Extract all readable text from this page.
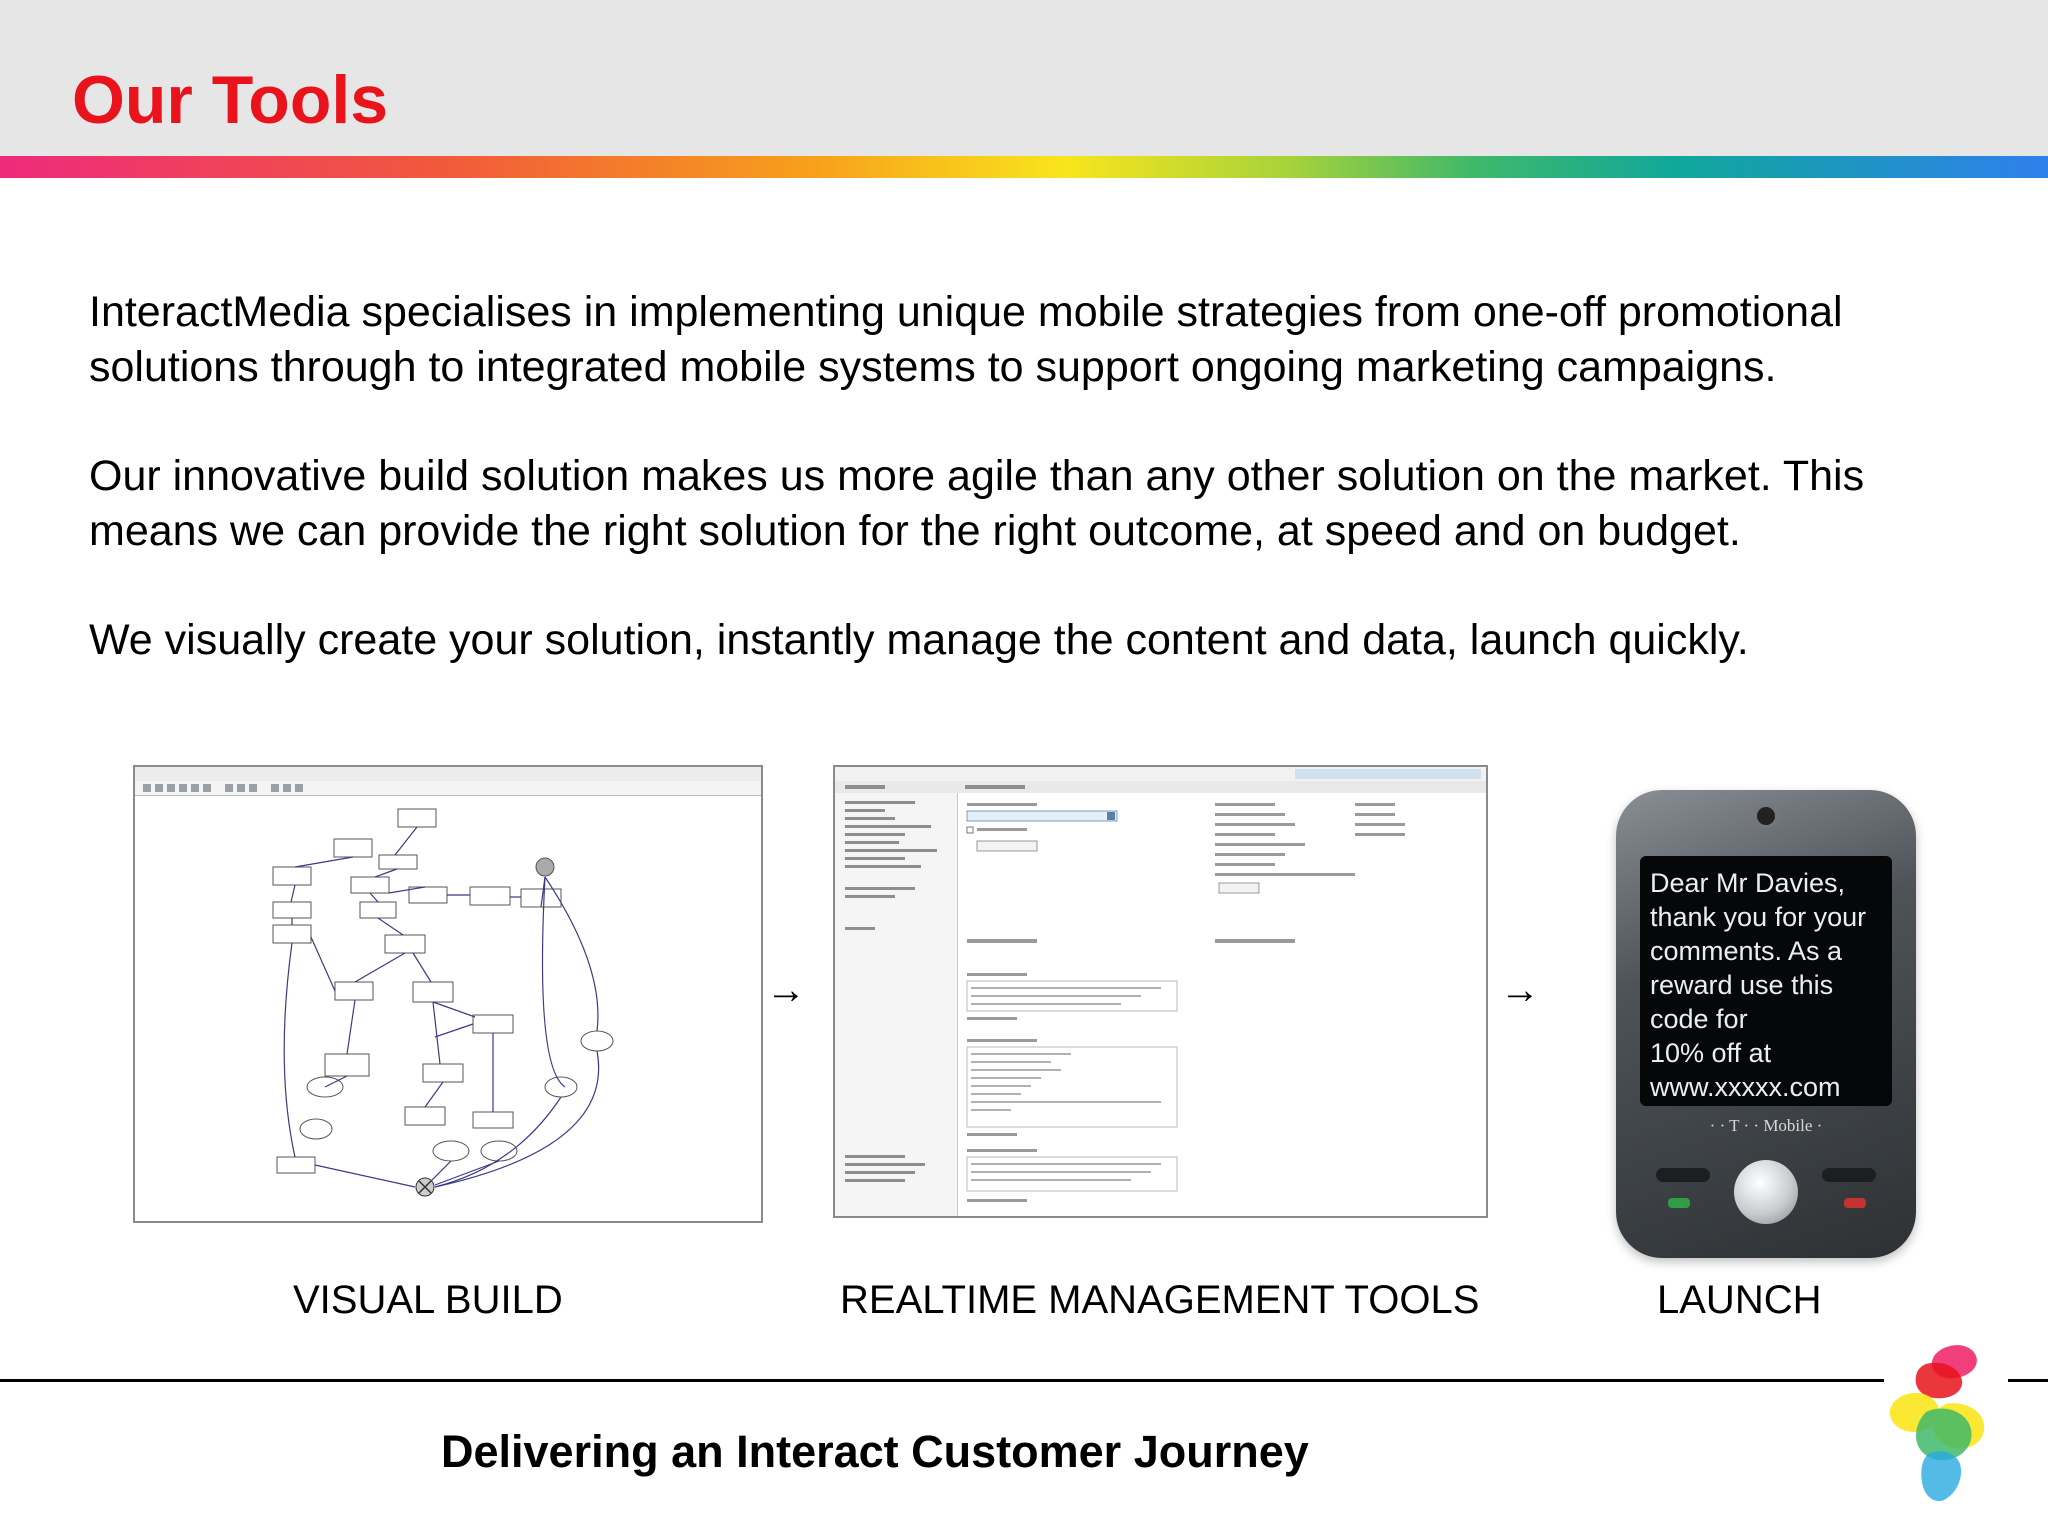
Our Tools

InteractMedia specialises in implementing unique mobile strategies from one-off promotional solutions through to integrated mobile systems to support ongoing marketing campaigns.

Our innovative build solution makes us more agile than any other solution on the market. This means we can provide the right solution for the right outcome, at speed and on budget.

We visually create your solution, instantly manage the content and data, launch quickly.

→	→
Dear Mr Davies,
thank you for your
comments. As a
reward use this
code for
10% off at
www.xxxxx.com
· · T · · Mobile ·
VISUAL BUILD	REALTIME MANAGEMENT TOOLS	LAUNCH
Delivering an Interact Customer Journey
